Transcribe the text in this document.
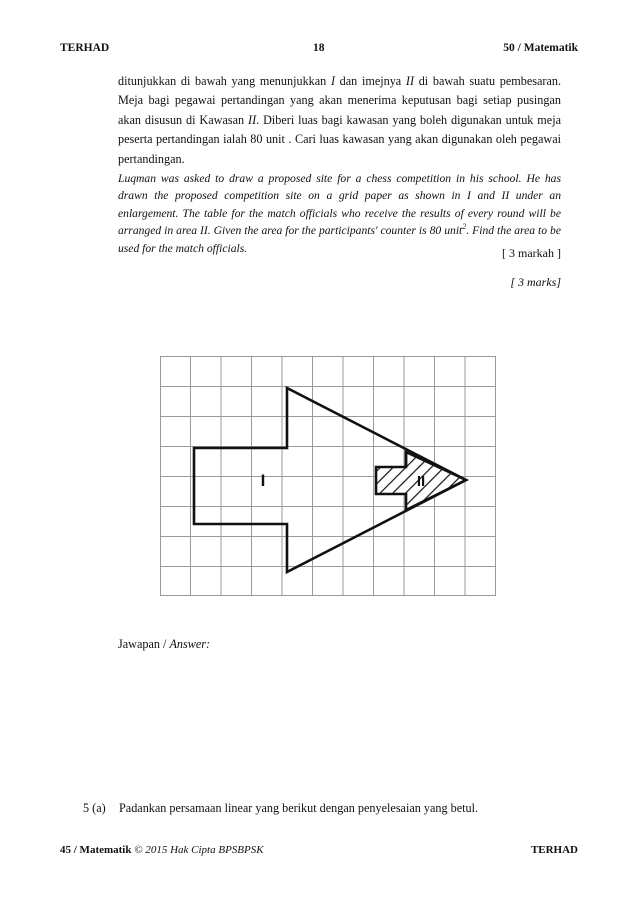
TERHAD	18	50 / Matematik
ditunjukkan di bawah yang menunjukkan I dan imejnya II di bawah suatu pembesaran. Meja bagi pegawai pertandingan yang akan menerima keputusan bagi setiap pusingan akan disusun di Kawasan II. Diberi luas bagi kawasan yang boleh digunakan untuk meja peserta pertandingan ialah 80 unit . Cari luas kawasan yang akan digunakan oleh pegawai pertandingan.
Luqman was asked to draw a proposed site for a chess competition in his school. He has drawn the proposed competition site on a grid paper as shown in I and II under an enlargement. The table for the match officials who receive the results of every round will be arranged in area II. Given the area for the participants' counter is 80 unit$^2$. Find the area to be used for the match officials.	[ 3 markah ]
[ 3 marks]
I	II
Jawapan / Answer:
5 (a) Padankan persamaan linear yang berikut dengan penyelesaian yang betul.
45 / Matematik © 2015 Hak Cipta BPSBPSK	TERHAD
